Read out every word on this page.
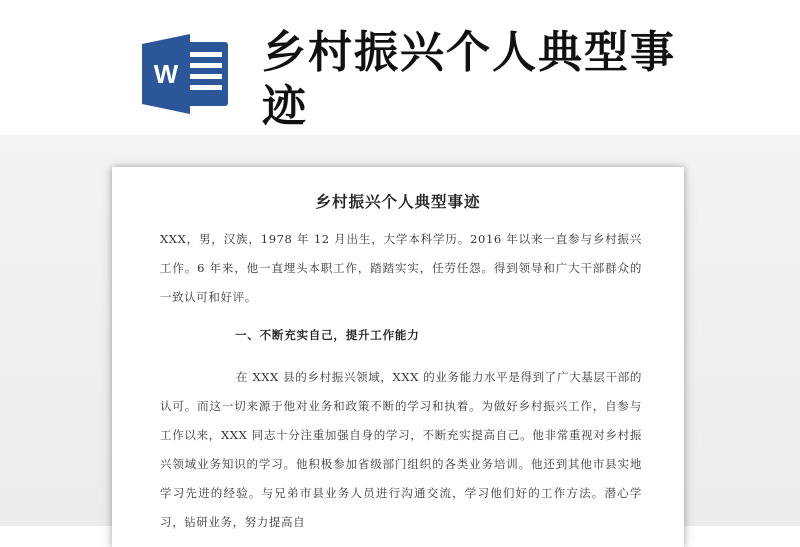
W 乡村振兴个人典型事迹
乡村振兴个人典型事迹

XXX，男，汉族，1978 年 12 月出生，大学本科学历。2016 年以来一直参与乡村振兴工作。6 年来，他一直埋头本职工作，踏踏实实，任劳任怨。得到领导和广大干部群众的一致认可和好评。

一、不断充实自己，提升工作能力

在 XXX 县的乡村振兴领域，XXX 的业务能力水平是得到了广大基层干部的认可。而这一切来源于他对业务和政策不断的学习和执着。为做好乡村振兴工作，自参与工作以来，XXX 同志十分注重加强自身的学习，不断充实提高自己。他非常重视对乡村振兴领域业务知识的学习。他积极参加省级部门组织的各类业务培训。他还到其他市县实地学习先进的经验。与兄弟市县业务人员进行沟通交流，学习他们好的工作方法。潜心学习，钻研业务，努力提高自
